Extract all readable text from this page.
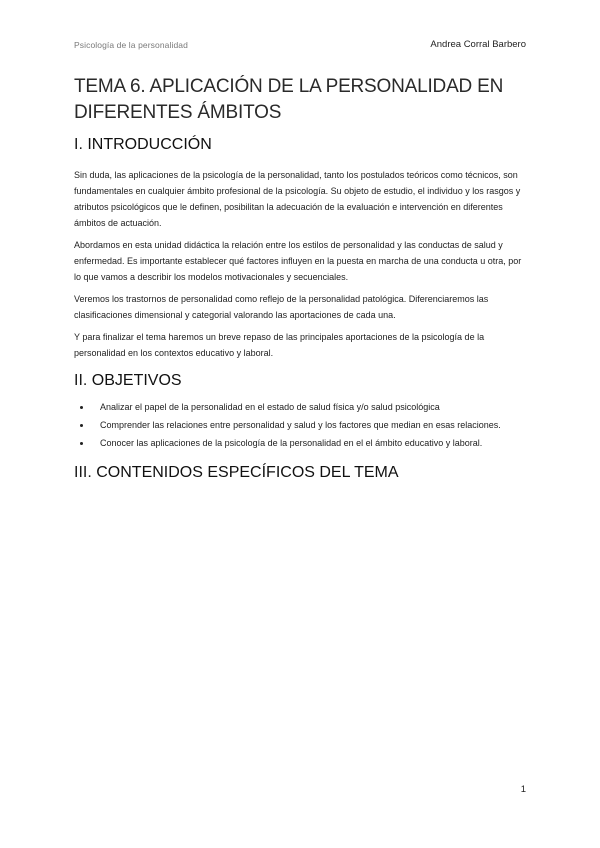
Psicología de la personalidad	Andrea Corral Barbero
TEMA 6. APLICACIÓN DE LA PERSONALIDAD EN
DIFERENTES ÁMBITOS
I. INTRODUCCIÓN

Sin duda, las aplicaciones de la psicología de la personalidad, tanto los postulados teóricos como técnicos, son fundamentales en cualquier ámbito profesional de la psicología. Su objeto de estudio, el individuo y los rasgos y atributos psicológicos que le definen, posibilitan la adecuación de la evaluación e intervención en diferentes ámbitos de actuación.

Abordamos en esta unidad didáctica la relación entre los estilos de personalidad y las conductas de salud y enfermedad. Es importante establecer qué factores influyen en la puesta en marcha de una conducta u otra, por lo que vamos a describir los modelos motivacionales y secuenciales.

Veremos los trastornos de personalidad como reflejo de la personalidad patológica. Diferenciaremos las clasificaciones dimensional y categorial valorando las aportaciones de cada una.

Y para finalizar el tema haremos un breve repaso de las principales aportaciones de la psicología de la personalidad en los contextos educativo y laboral.

II. OBJETIVOS
• Analizar el papel de la personalidad en el estado de salud física y/o salud psicológica
• Comprender las relaciones entre personalidad y salud y los factores que median en esas relaciones.
• Conocer las aplicaciones de la psicología de la personalidad en el el ámbito educativo y laboral.
III. CONTENIDOS ESPECÍFICOS DEL TEMA
1
